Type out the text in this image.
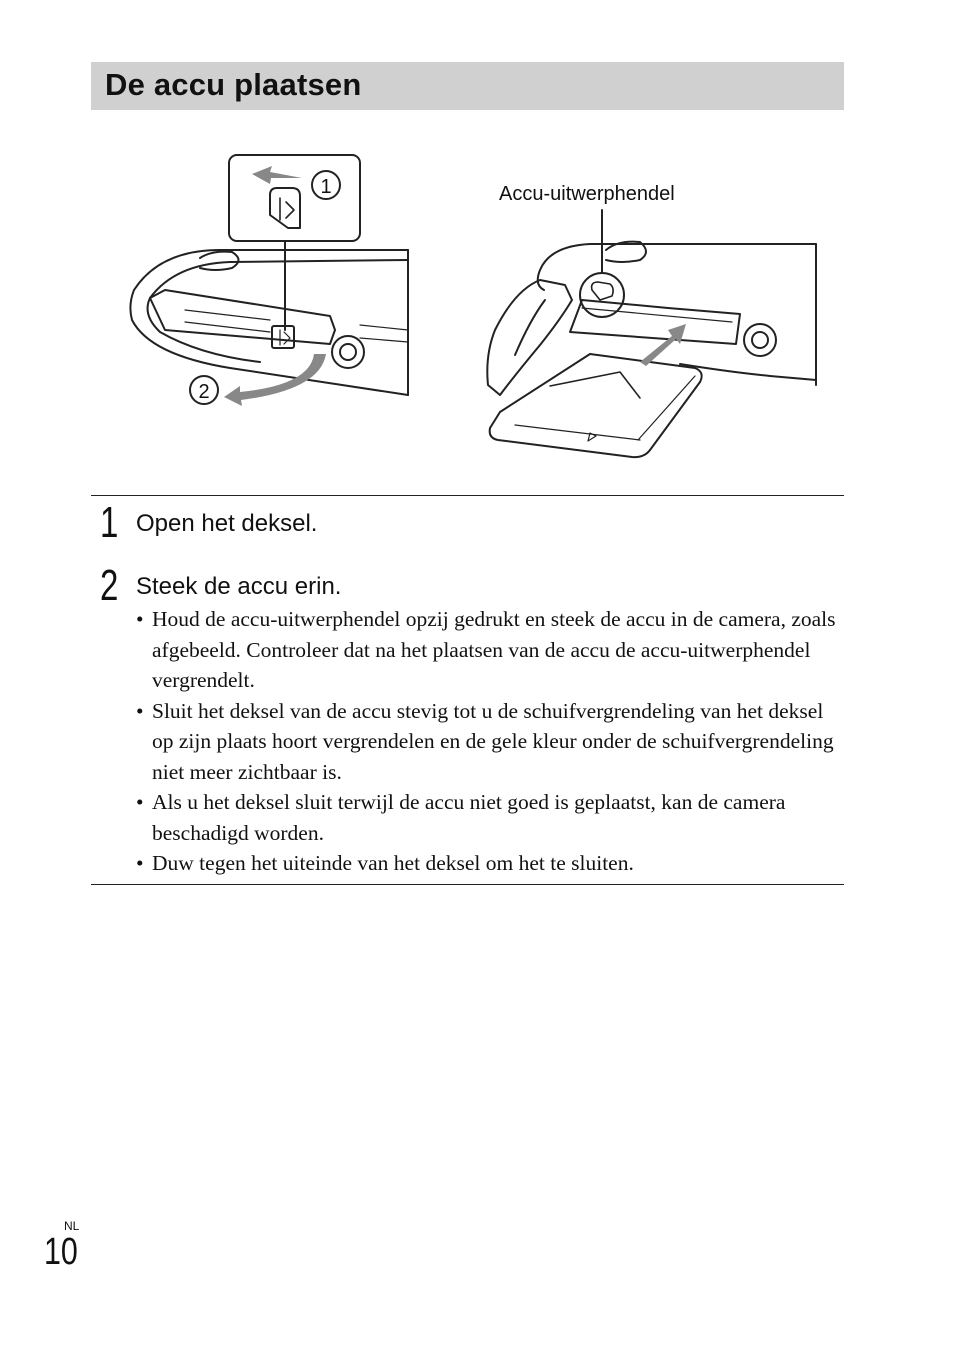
De accu plaatsen
1
2
Accu-uitwerphendel
1 Open het deksel.
2 Steek de accu erin.
• Houd de accu-uitwerphendel opzij gedrukt en steek de accu in de camera, zoals afgebeeld. Controleer dat na het plaatsen van de accu de accu-uitwerphendel vergrendelt.
• Sluit het deksel van de accu stevig tot u de schuifvergrendeling van het deksel op zijn plaats hoort vergrendelen en de gele kleur onder de schuifvergrendeling niet meer zichtbaar is.
• Als u het deksel sluit terwijl de accu niet goed is geplaatst, kan de camera beschadigd worden.
• Duw tegen het uiteinde van het deksel om het te sluiten.
NL
10
